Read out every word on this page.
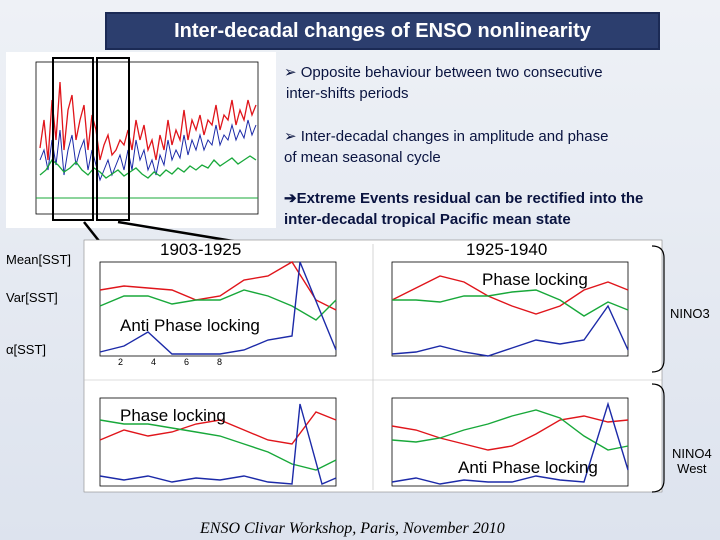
Inter-decadal changes of ENSO nonlinearity
➢ Opposite behaviour between two consecutive
inter-shifts periods
➢ Inter-decadal changes in amplitude and phase
of mean seasonal cycle
➔Extreme Events residual can be rectified into the
inter-decadal tropical Pacific mean state
2468
Mean[SST]
Var[SST]
α[SST]
1903-1925	1925-1940
Phase locking
Anti Phase locking
Phase locking
Anti Phase locking
NINO3
NINO4
West
ENSO Clivar Workshop, Paris, November 2010
